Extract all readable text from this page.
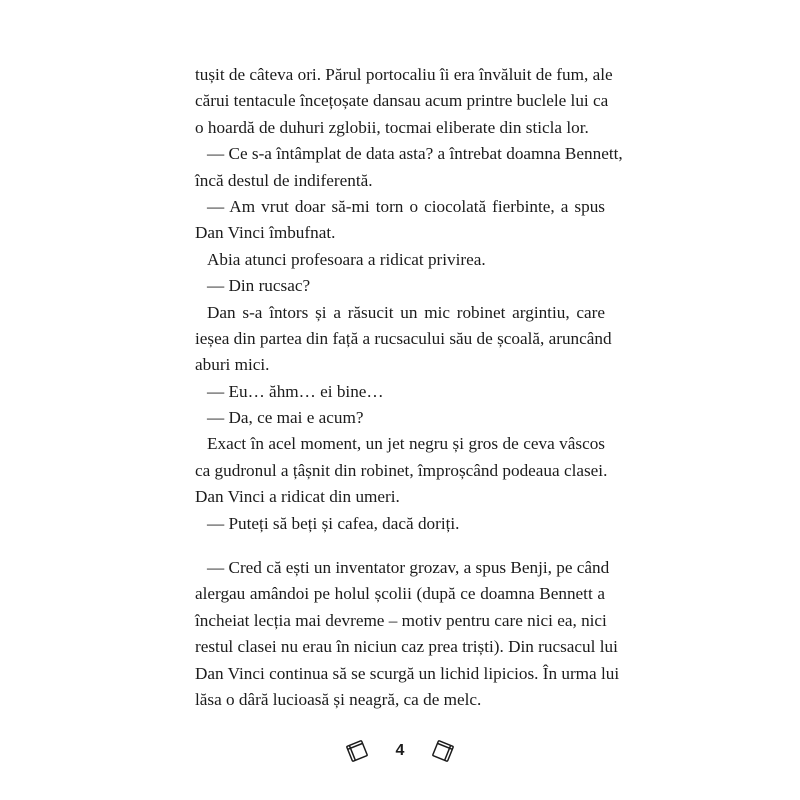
tușit de câteva ori. Părul portocaliu îi era învăluit de fum, ale
cărui tentacule încețoșate dansau acum printre buclele lui ca
o hoardă de duhuri zglobii, tocmai eliberate din sticla lor.
— Ce s-a întâmplat de data asta? a întrebat doamna Bennett,
încă destul de indiferentă.
— Am vrut doar să-mi torn o ciocolată fierbinte, a spus
Dan Vinci îmbufnat.
Abia atunci profesoara a ridicat privirea.
— Din rucsac?
Dan s-a întors și a răsucit un mic robinet argintiu, care
ieșea din partea din față a rucsacului său de școală, aruncând
aburi mici.
— Eu… ăhm… ei bine…
— Da, ce mai e acum?
Exact în acel moment, un jet negru și gros de ceva vâscos
ca gudronul a țâșnit din robinet, împroșcând podeaua clasei.
Dan Vinci a ridicat din umeri.
— Puteți să beți și cafea, dacă doriți.
— Cred că ești un inventator grozav, a spus Benji, pe când
alergau amândoi pe holul școlii (după ce doamna Bennett a
încheiat lecția mai devreme – motiv pentru care nici ea, nici
restul clasei nu erau în niciun caz prea triști). Din rucsacul lui
Dan Vinci continua să se scurgă un lichid lipicios. În urma lui
lăsa o dâră lucioasă și neagră, ca de melc.
4
